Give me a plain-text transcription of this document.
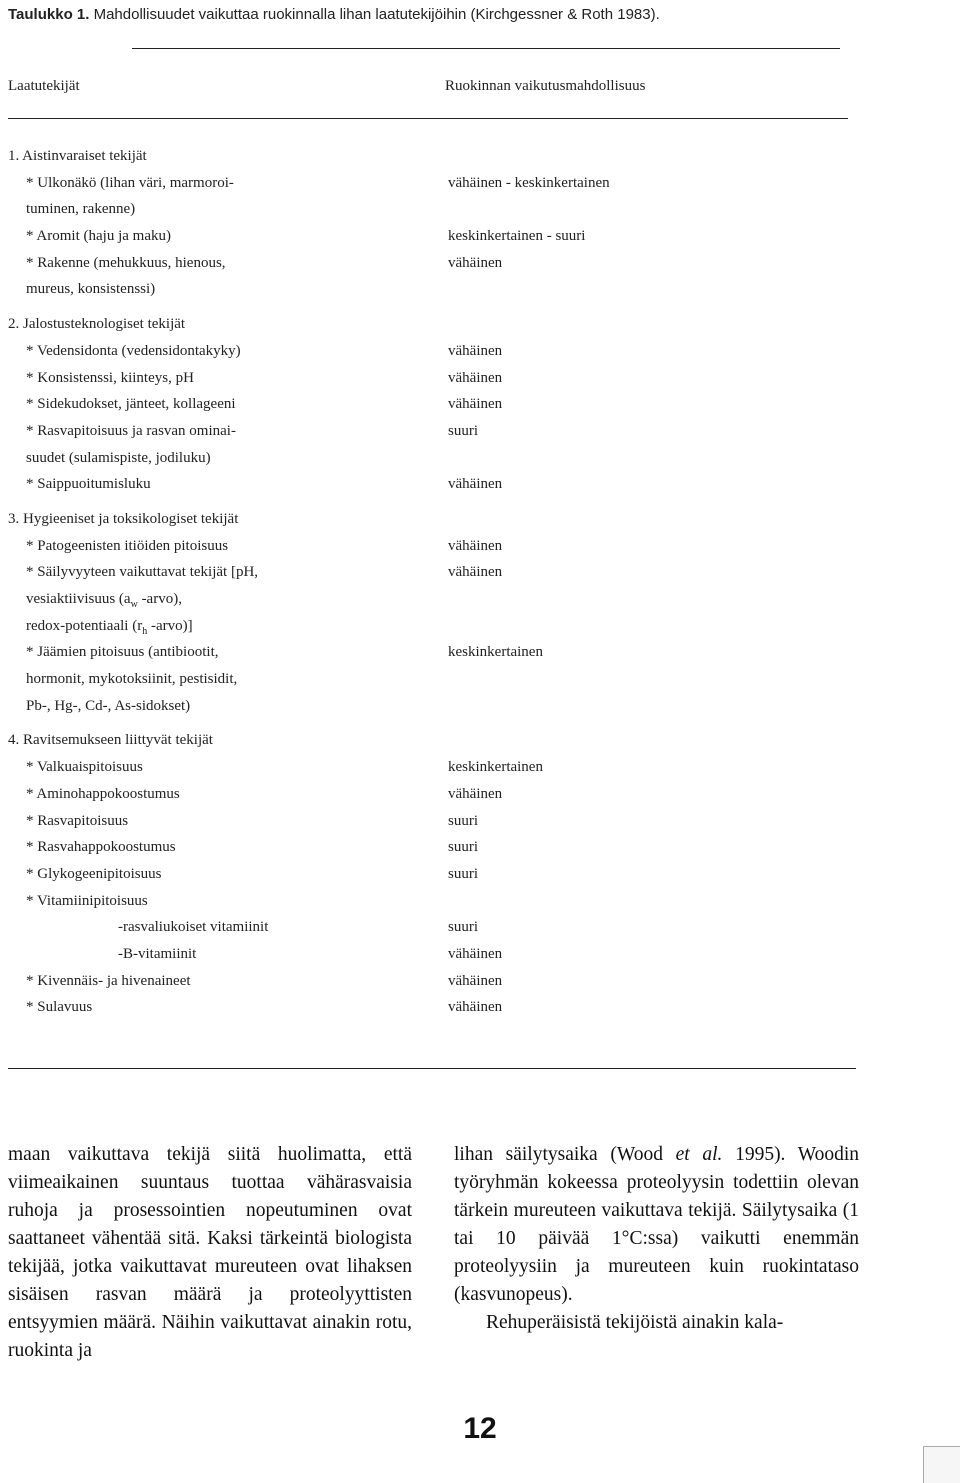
Taulukko 1. Mahdollisuudet vaikuttaa ruokinnalla lihan laatutekijöihin (Kirchgessner & Roth 1983).
Laatutekijät	Ruokinnan vaikutusmahdollisuus
1. Aistinvaraiset tekijät
* Ulkonäkö (lihan väri, marmoroi-	vähäinen - keskinkertainen
tuminen, rakenne)
* Aromit (haju ja maku)	keskinkertainen - suuri
* Rakenne (mehukkuus, hienous,	vähäinen
mureus, konsistenssi)
2. Jalostusteknologiset tekijät
* Vedensidonta (vedensidontakyky)	vähäinen
* Konsistenssi, kiinteys, pH	vähäinen
* Sidekudokset, jänteet, kollageeni	vähäinen
* Rasvapitoisuus ja rasvan ominai-	suuri
suudet (sulamispiste, jodiluku)
* Saippuoitumisluku	vähäinen
3. Hygieeniset ja toksikologiset tekijät
* Patogeenisten itiöiden pitoisuus	vähäinen
* Säilyvyyteen vaikuttavat tekijät [pH,	vähäinen
vesiaktiivisuus ($a_w$ -arvo),
redox-potentiaali ($r_h$ -arvo)]
* Jäämien pitoisuus (antibiootit,	keskinkertainen
hormonit, mykotoksiinit, pestisidit,
Pb-, Hg-, Cd-, As-sidokset)
4. Ravitsemukseen liittyvät tekijät
* Valkuaispitoisuus	keskinkertainen
* Aminohappokoostumus	vähäinen
* Rasvapitoisuus	suuri
* Rasvahappokoostumus	suuri
* Glykogeenipitoisuus	suuri
* Vitamiinipitoisuus
-rasvaliukoiset vitamiinit	suuri
-B-vitamiinit	vähäinen
* Kivennäis- ja hivenaineet	vähäinen
* Sulavuus	vähäinen

maan vaikuttava tekijä siitä huolimatta, että viimeaikainen suuntaus tuottaa vähärasvaisia ruhoja ja prosessointien nopeutuminen ovat saattaneet vähentää sitä. Kaksi tärkeintä biologista tekijää, jotka vaikuttavat mureuteen ovat lihaksen sisäisen rasvan määrä ja proteolyyttisten entsyymien määrä. Näihin vaikuttavat ainakin rotu, ruokinta ja

lihan säilytysaika (Wood et al. 1995). Woodin työryhmän kokeessa proteolyysin todettiin olevan tärkein mureuteen vaikuttava tekijä. Säilytysaika (1 tai 10 päivää 1°C:ssa) vaikutti enemmän proteolyysiin ja mureuteen kuin ruokintataso (kasvunopeus).

Rehuperäisistä tekijöistä ainakin kala-

12
